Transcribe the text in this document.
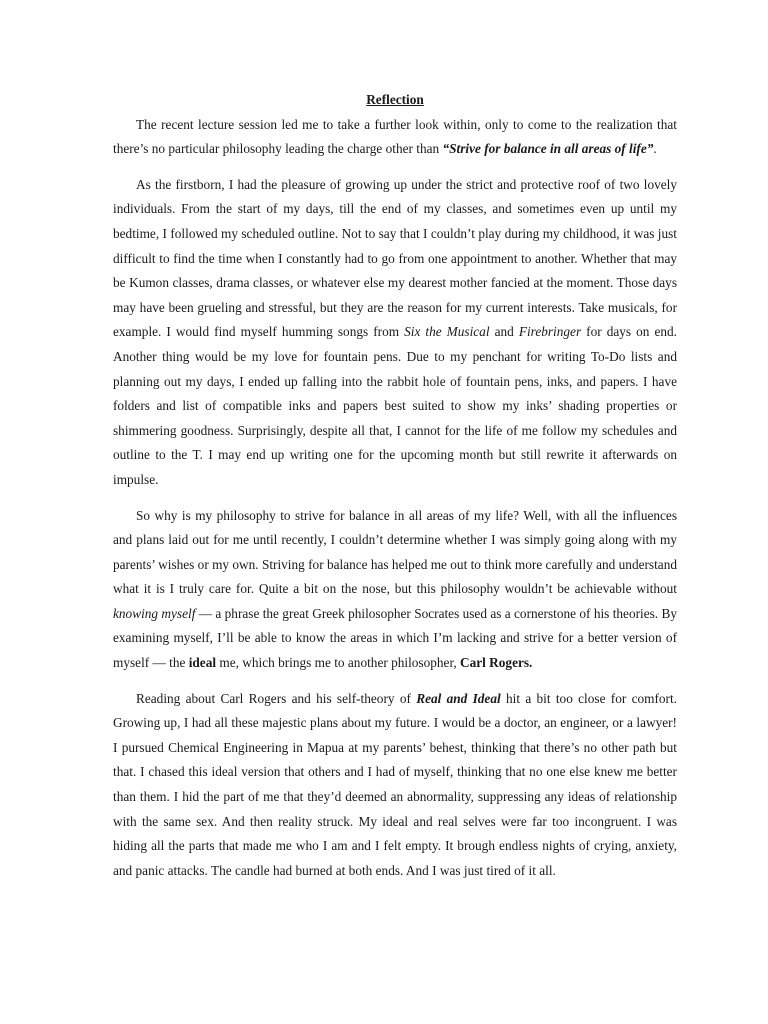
Reflection

The recent lecture session led me to take a further look within, only to come to the realization that there’s no particular philosophy leading the charge other than “Strive for balance in all areas of life”.

As the firstborn, I had the pleasure of growing up under the strict and protective roof of two lovely individuals. From the start of my days, till the end of my classes, and sometimes even up until my bedtime, I followed my scheduled outline. Not to say that I couldn’t play during my childhood, it was just difficult to find the time when I constantly had to go from one appointment to another. Whether that may be Kumon classes, drama classes, or whatever else my dearest mother fancied at the moment. Those days may have been grueling and stressful, but they are the reason for my current interests. Take musicals, for example. I would find myself humming songs from Six the Musical and Firebringer for days on end. Another thing would be my love for fountain pens. Due to my penchant for writing To-Do lists and planning out my days, I ended up falling into the rabbit hole of fountain pens, inks, and papers. I have folders and list of compatible inks and papers best suited to show my inks’ shading properties or shimmering goodness. Surprisingly, despite all that, I cannot for the life of me follow my schedules and outline to the T. I may end up writing one for the upcoming month but still rewrite it afterwards on impulse.

So why is my philosophy to strive for balance in all areas of my life? Well, with all the influences and plans laid out for me until recently, I couldn’t determine whether I was simply going along with my parents’ wishes or my own. Striving for balance has helped me out to think more carefully and understand what it is I truly care for. Quite a bit on the nose, but this philosophy wouldn’t be achievable without knowing myself — a phrase the great Greek philosopher Socrates used as a cornerstone of his theories. By examining myself, I’ll be able to know the areas in which I’m lacking and strive for a better version of myself — the ideal me, which brings me to another philosopher, Carl Rogers.

Reading about Carl Rogers and his self-theory of Real and Ideal hit a bit too close for comfort. Growing up, I had all these majestic plans about my future. I would be a doctor, an engineer, or a lawyer! I pursued Chemical Engineering in Mapua at my parents’ behest, thinking that there’s no other path but that. I chased this ideal version that others and I had of myself, thinking that no one else knew me better than them. I hid the part of me that they’d deemed an abnormality, suppressing any ideas of relationship with the same sex. And then reality struck. My ideal and real selves were far too incongruent. I was hiding all the parts that made me who I am and I felt empty. It brough endless nights of crying, anxiety, and panic attacks. The candle had burned at both ends. And I was just tired of it all.
